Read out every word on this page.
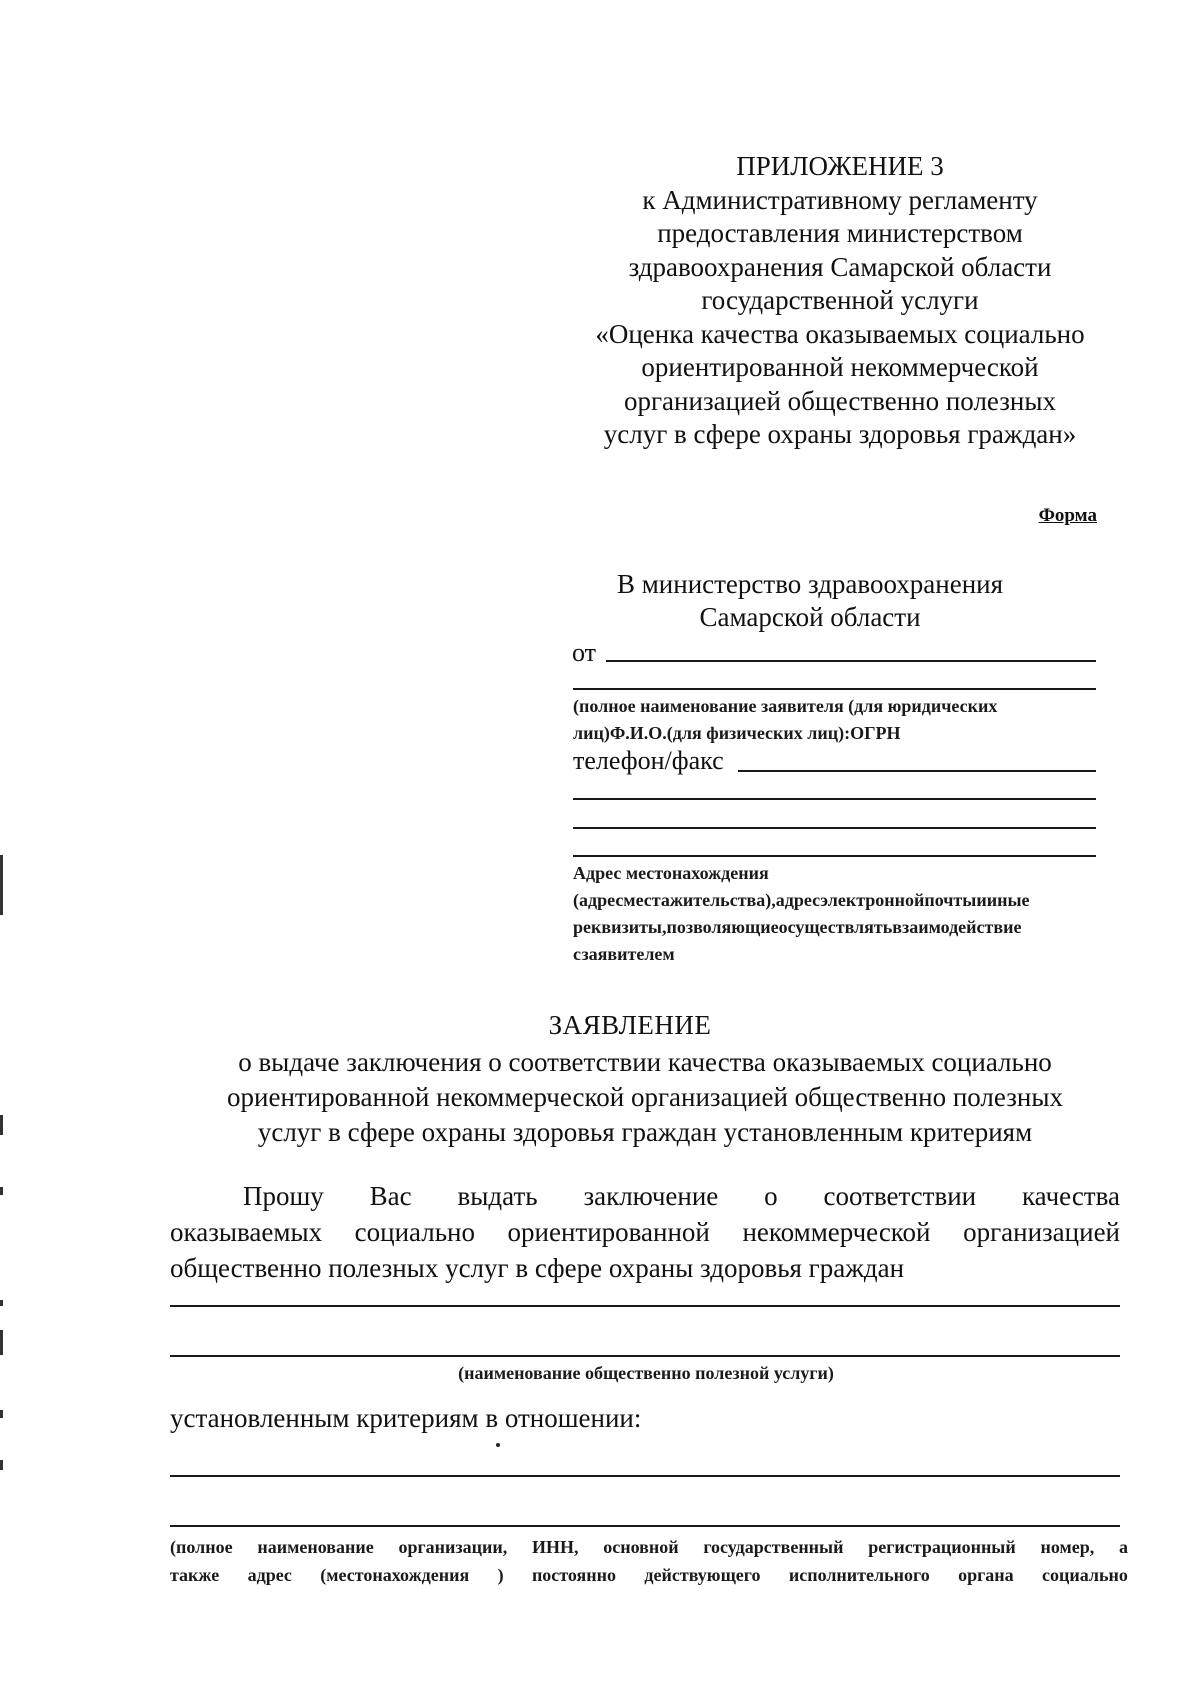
ПРИЛОЖЕНИЕ 3
к Административному регламенту
предоставления министерством
здравоохранения Самарской области
государственной услуги
«Оценка качества оказываемых социально
ориентированной некоммерческой
организацией общественно полезных
услуг в сфере охраны здоровья граждан»
Форма
В министерство здравоохранения
Самарской области
от
(полное наименование заявителя (для юридических лиц)Ф.И.О.(для физических лиц):ОГРН
телефон/факс
Адрес местонахождения (адресместажительства),адресэлектроннойпочтыииные реквизиты,позволяющиеосуществлятьвзаимодействие сзаявителем
ЗАЯВЛЕНИЕ
о выдаче заключения о соответствии качества оказываемых социально
ориентированной некоммерческой организацией общественно полезных
услуг в сфере охраны здоровья граждан установленным критериям
Прошу Вас выдать заключение о соответствии качества
оказываемых социально ориентированной некоммерческой организацией
общественно полезных услуг в сфере охраны здоровья граждан
(наименование общественно полезной услуги)
установленным критериям в отношении:
(полное наименование организации, ИНН, основной государственный регистрационный номер, а
также адрес (местонахождения ) постоянно действующего исполнительного органа социально
